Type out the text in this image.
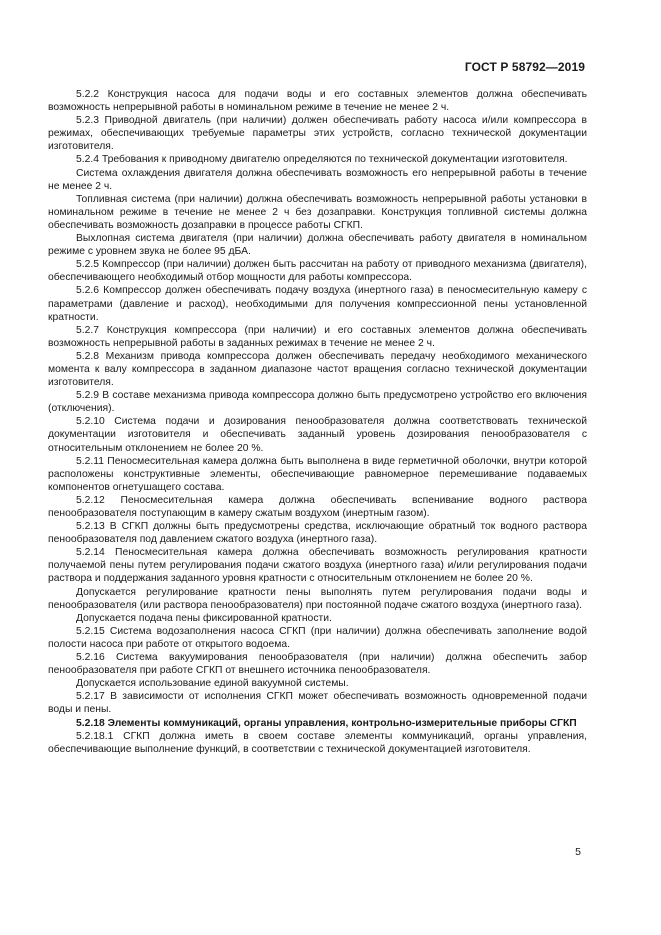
ГОСТ Р 58792—2019

5.2.2 Конструкция насоса для подачи воды и его составных элементов должна обеспечивать возможность непрерывной работы в номинальном режиме в течение не менее 2 ч.

5.2.3 Приводной двигатель (при наличии) должен обеспечивать работу насоса и/или компрессора в режимах, обеспечивающих требуемые параметры этих устройств, согласно технической документации изготовителя.

5.2.4 Требования к приводному двигателю определяются по технической документации изготовителя.

Система охлаждения двигателя должна обеспечивать возможность его непрерывной работы в течение не менее 2 ч.

Топливная система (при наличии) должна обеспечивать возможность непрерывной работы установки в номинальном режиме в течение не менее 2 ч без дозаправки. Конструкция топливной системы должна обеспечивать возможность дозаправки в процессе работы СГКП.

Выхлопная система двигателя (при наличии) должна обеспечивать работу двигателя в номинальном режиме с уровнем звука не более 95 дБА.

5.2.5 Компрессор (при наличии) должен быть рассчитан на работу от приводного механизма (двигателя), обеспечивающего необходимый отбор мощности для работы компрессора.

5.2.6 Компрессор должен обеспечивать подачу воздуха (инертного газа) в пеносмесительную камеру с параметрами (давление и расход), необходимыми для получения компрессионной пены установленной кратности.

5.2.7 Конструкция компрессора (при наличии) и его составных элементов должна обеспечивать возможность непрерывной работы в заданных режимах в течение не менее 2 ч.

5.2.8 Механизм привода компрессора должен обеспечивать передачу необходимого механического момента к валу компрессора в заданном диапазоне частот вращения согласно технической документации изготовителя.

5.2.9 В составе механизма привода компрессора должно быть предусмотрено устройство его включения (отключения).

5.2.10 Система подачи и дозирования пенообразователя должна соответствовать технической документации изготовителя и обеспечивать заданный уровень дозирования пенообразователя с относительным отклонением не более 20 %.

5.2.11 Пеносмесительная камера должна быть выполнена в виде герметичной оболочки, внутри которой расположены конструктивные элементы, обеспечивающие равномерное перемешивание подаваемых компонентов огнетушащего состава.

5.2.12 Пеносмесительная камера должна обеспечивать вспенивание водного раствора пенообразователя поступающим в камеру сжатым воздухом (инертным газом).

5.2.13 В СГКП должны быть предусмотрены средства, исключающие обратный ток водного раствора пенообразователя под давлением сжатого воздуха (инертного газа).

5.2.14 Пеносмесительная камера должна обеспечивать возможность регулирования кратности получаемой пены путем регулирования подачи сжатого воздуха (инертного газа) и/или регулирования подачи раствора и поддержания заданного уровня кратности с относительным отклонением не более 20 %.

Допускается регулирование кратности пены выполнять путем регулирования подачи воды и пенообразователя (или раствора пенообразователя) при постоянной подаче сжатого воздуха (инертного газа).

Допускается подача пены фиксированной кратности.

5.2.15 Система водозаполнения насоса СГКП (при наличии) должна обеспечивать заполнение водой полости насоса при работе от открытого водоема.

5.2.16 Система вакуумирования пенообразователя (при наличии) должна обеспечить забор пенообразователя при работе СГКП от внешнего источника пенообразователя.

Допускается использование единой вакуумной системы.

5.2.17 В зависимости от исполнения СГКП может обеспечивать возможность одновременной подачи воды и пены.

5.2.18 Элементы коммуникаций, органы управления, контрольно-измерительные приборы СГКП

5.2.18.1 СГКП должна иметь в своем составе элементы коммуникаций, органы управления, обеспечивающие выполнение функций, в соответствии с технической документацией изготовителя.

5
